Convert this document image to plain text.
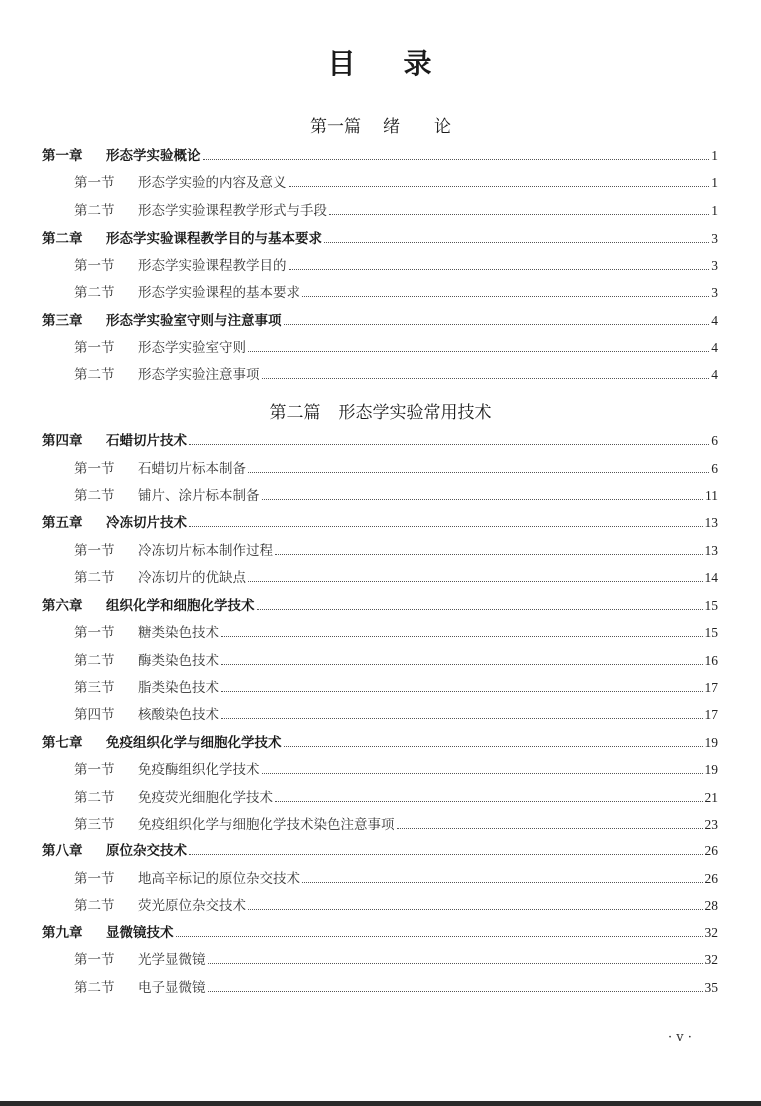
目 录
第一篇 绪 论
第二篇 形态学实验常用技术
第一章	形态学实验概论	1
第一节	形态学实验的内容及意义	1
第二节	形态学实验课程教学形式与手段	1
第二章	形态学实验课程教学目的与基本要求	3
第一节	形态学实验课程教学目的	3
第二节	形态学实验课程的基本要求	3
第三章	形态学实验室守则与注意事项	4
第一节	形态学实验室守则	4
第二节	形态学实验注意事项	4
第四章	石蜡切片技术	6
第一节	石蜡切片标本制备	6
第二节	铺片、涂片标本制备	11
第五章	冷冻切片技术	13
第一节	冷冻切片标本制作过程	13
第二节	冷冻切片的优缺点	14
第六章	组织化学和细胞化学技术	15
第一节	糖类染色技术	15
第二节	酶类染色技术	16
第三节	脂类染色技术	17
第四节	核酸染色技术	17
第七章	免疫组织化学与细胞化学技术	19
第一节	免疫酶组织化学技术	19
第二节	免疫荧光细胞化学技术	21
第三节	免疫组织化学与细胞化学技术染色注意事项	23
第八章	原位杂交技术	26
第一节	地高辛标记的原位杂交技术	26
第二节	荧光原位杂交技术	28
第九章	显微镜技术	32
第一节	光学显微镜	32
第二节	电子显微镜	35
· v ·
